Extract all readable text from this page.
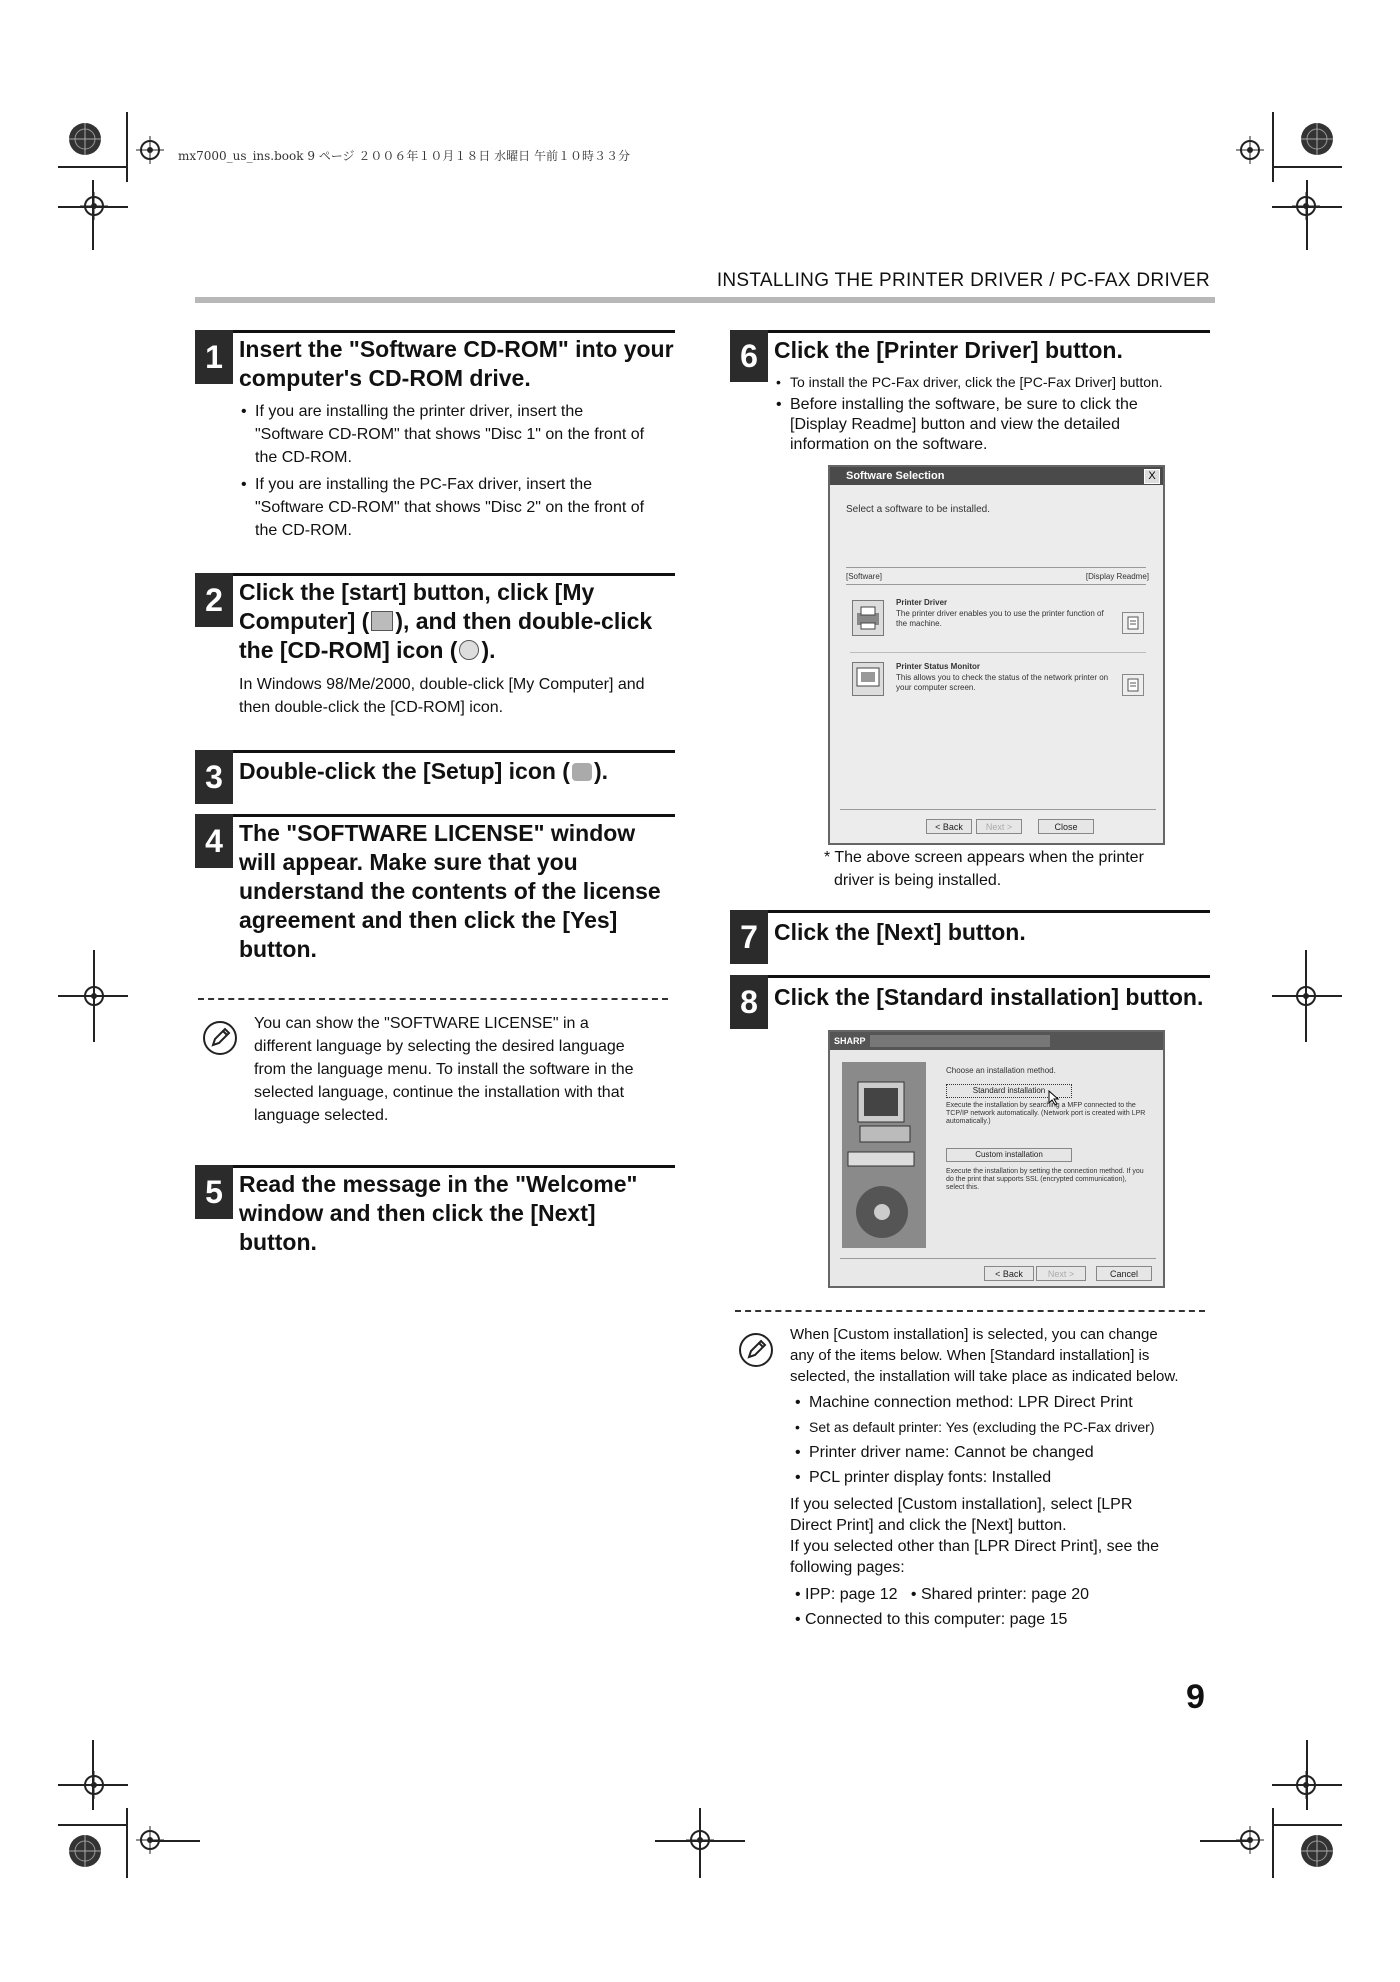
mx7000_us_ins.book 9 ページ ２００６年１０月１８日 水曜日 午前１０時３３分
INSTALLING THE PRINTER DRIVER / PC-FAX DRIVER
1 Insert the "Software CD-ROM" into your
computer's CD-ROM drive.
• If you are installing the printer driver, insert the
"Software CD-ROM" that shows "Disc 1" on the front of
the CD-ROM.
• If you are installing the PC-Fax driver, insert the
"Software CD-ROM" that shows "Disc 2" on the front of
the CD-ROM.
2 Click the [start] button, click [My
Computer] ( ), and then double-click
the [CD-ROM] icon ( ).
In Windows 98/Me/2000, double-click [My Computer] and
then double-click the [CD-ROM] icon.
3 Double-click the [Setup] icon ( ).
4 The "SOFTWARE LICENSE" window
will appear. Make sure that you
understand the contents of the license
agreement and then click the [Yes]
button.
You can show the "SOFTWARE LICENSE" in a
different language by selecting the desired language
from the language menu. To install the software in the
selected language, continue the installation with that
language selected.
5 Read the message in the "Welcome"
window and then click the [Next]
button.
6 Click the [Printer Driver] button.
• To install the PC-Fax driver, click the [PC-Fax Driver] button.
• Before installing the software, be sure to click the
[Display Readme] button and view the detailed
information on the software.
Software Selection	X
Select a software to be installed.
[Software]	[Display Readme]
Printer Driver
The printer driver enables you to use the printer function of the machine.
Printer Status Monitor
This allows you to check the status of the network printer on your computer screen.
< Back	Next >	Close
* The above screen appears when the printer
driver is being installed.
7 Click the [Next] button.
8 Click the [Standard installation] button.
SHARP
Choose an installation method.
Standard installation
Execute the installation by searching a MFP connected to the TCP/IP network automatically. (Network port is created with LPR automatically.)
Custom installation
Execute the installation by setting the connection method. If you do the print that supports SSL (encrypted communication), select this.
< Back	Next >	Cancel
When [Custom installation] is selected, you can change
any of the items below. When [Standard installation] is
selected, the installation will take place as indicated below.
• Machine connection method: LPR Direct Print
• Set as default printer: Yes (excluding the PC-Fax driver)
• Printer driver name: Cannot be changed
• PCL printer display fonts: Installed
If you selected [Custom installation], select [LPR
Direct Print] and click the [Next] button.
If you selected other than [LPR Direct Print], see the
following pages:
• IPP: page 12   • Shared printer: page 20
• Connected to this computer: page 15
9
